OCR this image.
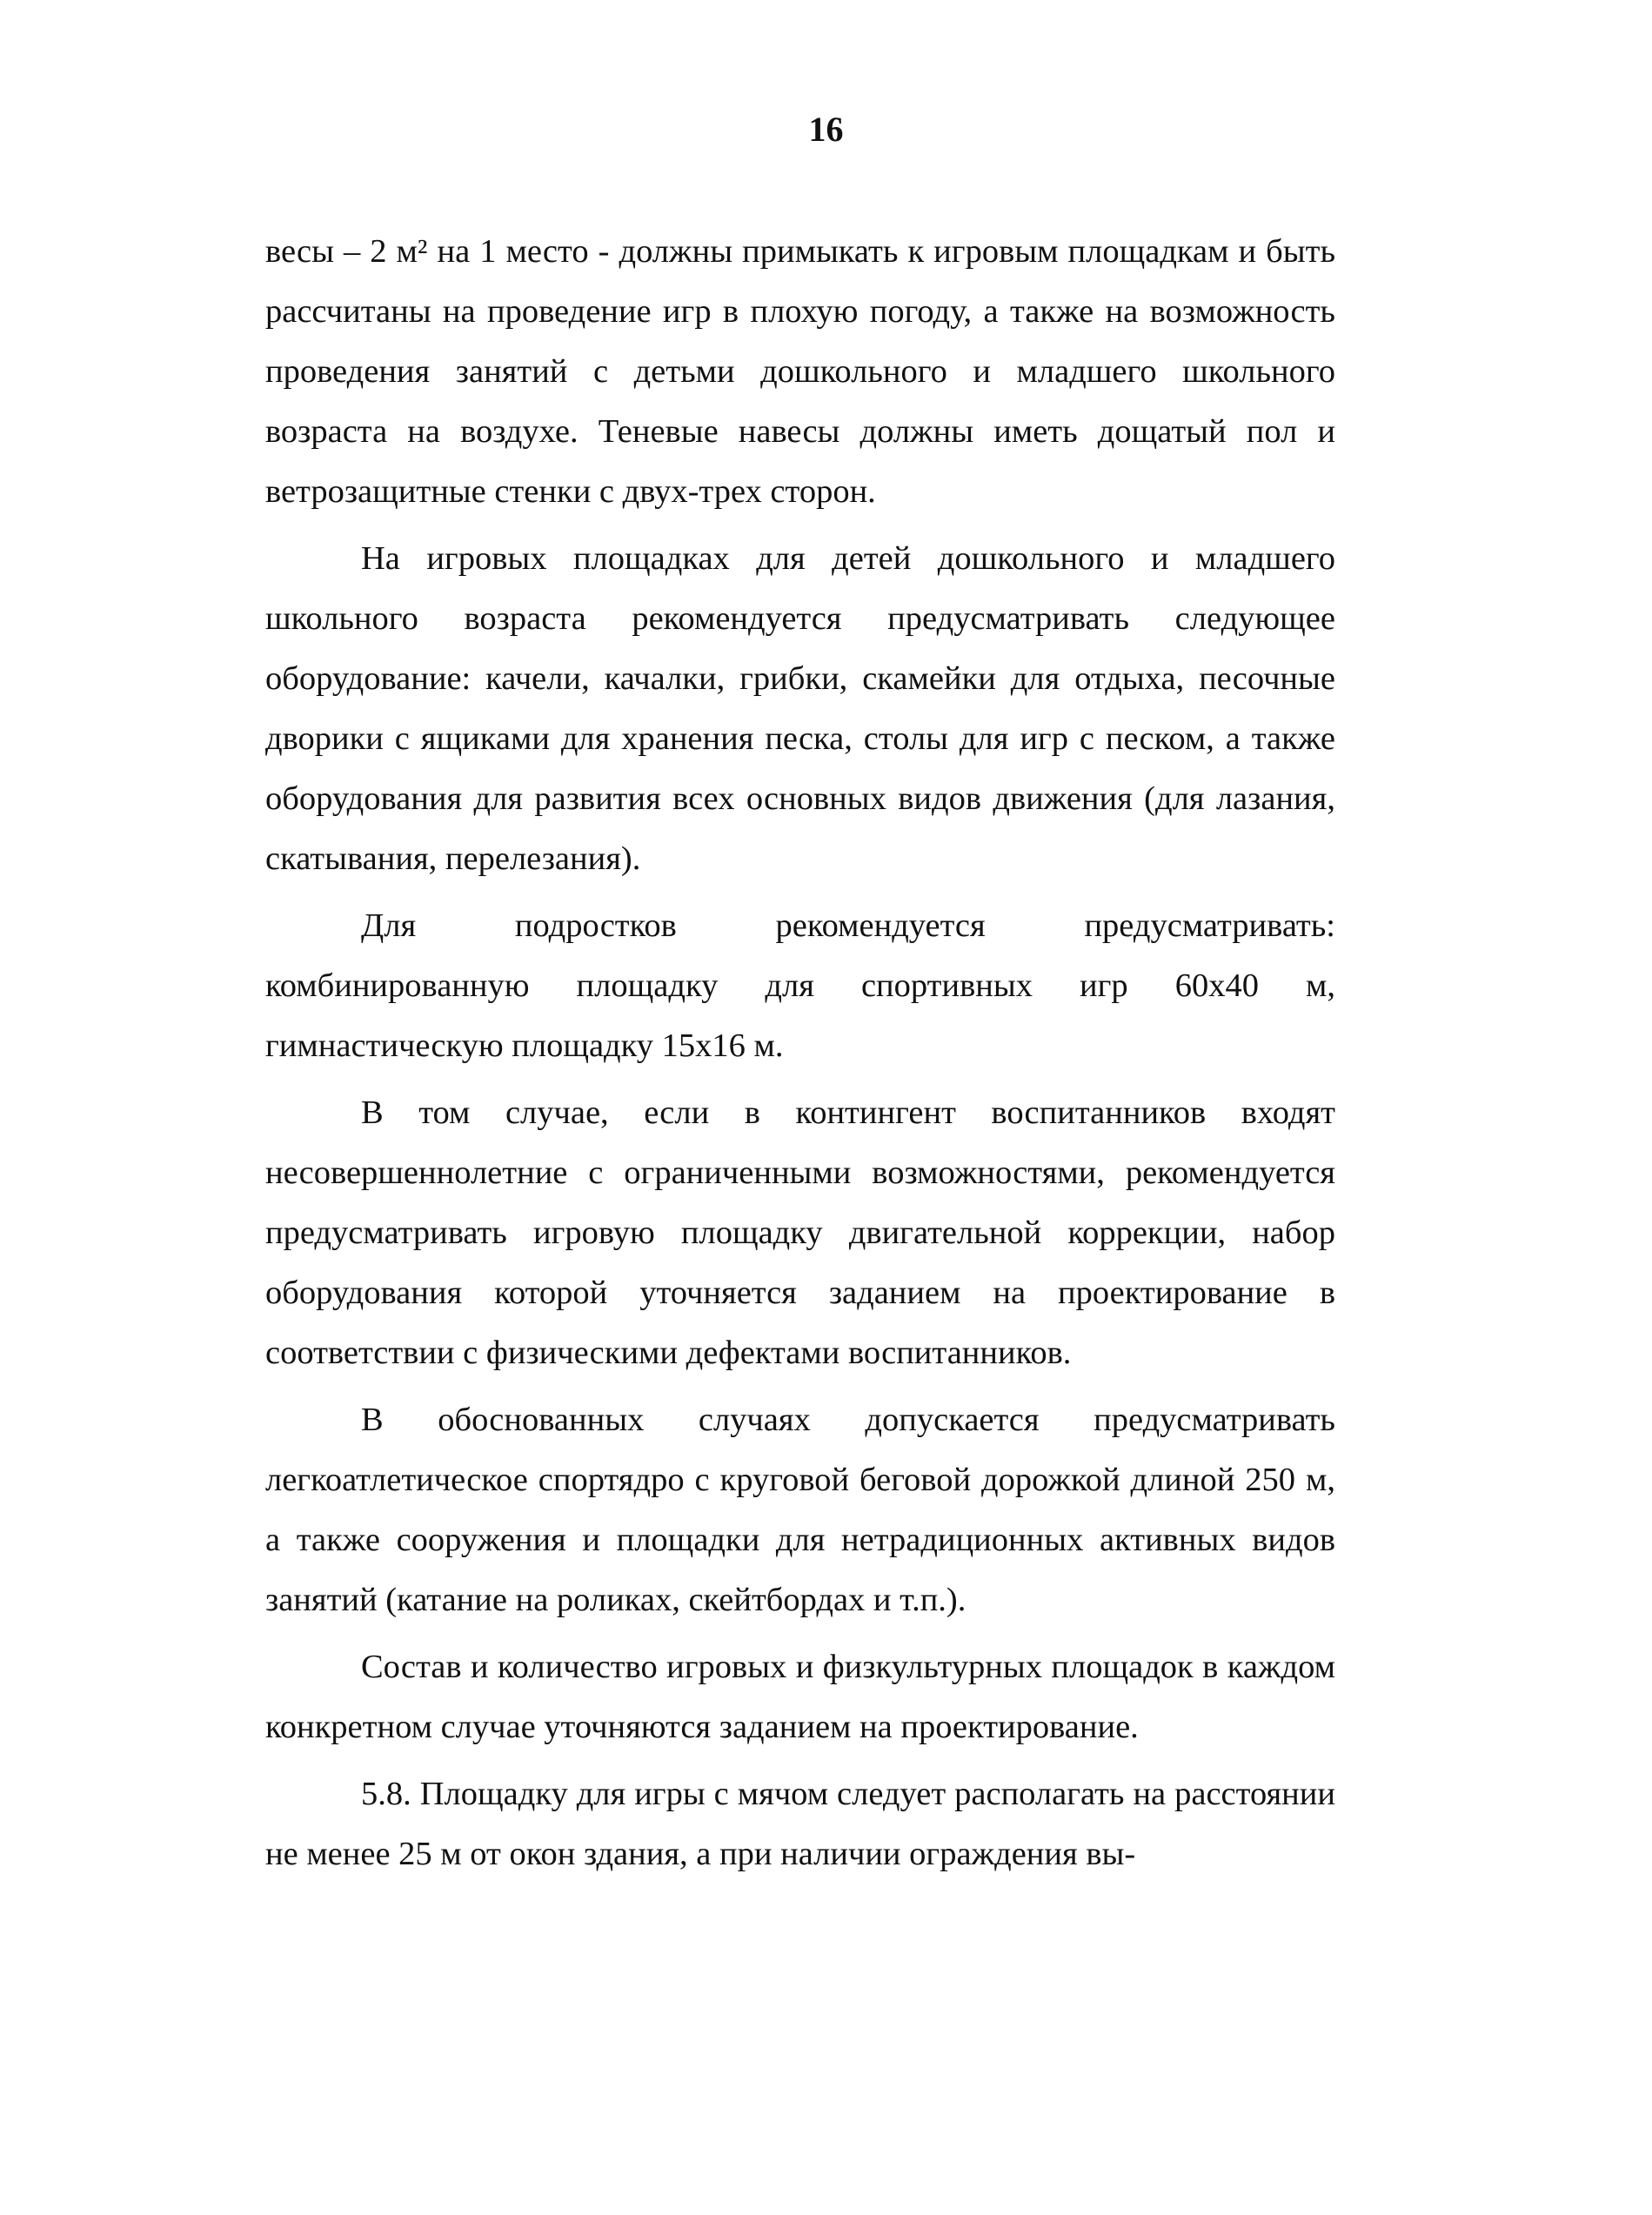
16

весы – 2 м² на 1 место - должны примыкать к игровым площадкам и быть рассчитаны на проведение игр в плохую погоду, а также на возможность проведения занятий с детьми дошкольного и младшего школьного возраста на воздухе. Теневые навесы должны иметь дощатый пол и ветрозащитные стенки с двух-трех сторон.

На игровых площадках для детей дошкольного и младшего школьного возраста рекомендуется предусматривать следующее оборудование: качели, качалки, грибки, скамейки для отдыха, песочные дворики с ящиками для хранения песка, столы для игр с песком, а также оборудования для развития всех основных видов движения (для лазания, скатывания, перелезания).

Для подростков рекомендуется предусматривать: комбинированную площадку для спортивных игр 60х40 м, гимнастическую площадку 15х16 м.

В том случае, если в контингент воспитанников входят несовершеннолетние с ограниченными возможностями, рекомендуется предусматривать игровую площадку двигательной коррекции, набор оборудования которой уточняется заданием на проектирование в соответствии с физическими дефектами воспитанников.

В обоснованных случаях допускается предусматривать легкоатлетическое спортядро с круговой беговой дорожкой длиной 250 м, а также сооружения и площадки для нетрадиционных активных видов занятий (катание на роликах, скейтбордах и т.п.).

Состав и количество игровых и физкультурных площадок в каждом конкретном случае уточняются заданием на проектирование.

5.8. Площадку для игры с мячом следует располагать на расстоянии не менее 25 м от окон здания, а при наличии ограждения вы-
